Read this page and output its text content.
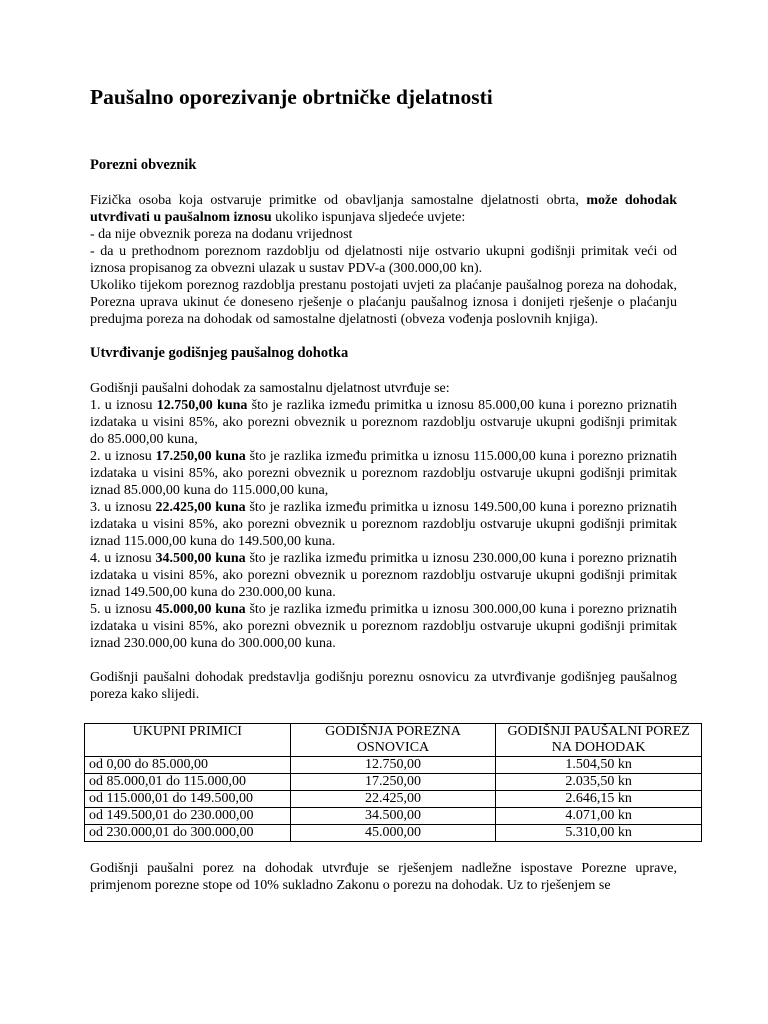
Paušalno oporezivanje obrtničke djelatnosti
Porezni obveznik

Fizička osoba koja ostvaruje primitke od obavljanja samostalne djelatnosti obrta, može dohodak utvrđivati u paušalnom iznosu ukoliko ispunjava sljedeće uvjete:

- da nije obveznik poreza na dodanu vrijednost

- da u prethodnom poreznom razdoblju od djelatnosti nije ostvario ukupni godišnji primitak veći od iznosa propisanog za obvezni ulazak u sustav PDV-a (300.000,00 kn).

Ukoliko tijekom poreznog razdoblja prestanu postojati uvjeti za plaćanje paušalnog poreza na dohodak, Porezna uprava ukinut će doneseno rješenje o plaćanju paušalnog iznosa i donijeti rješenje o plaćanju predujma poreza na dohodak od samostalne djelatnosti (obveza vođenja poslovnih knjiga).

Utvrđivanje godišnjeg paušalnog dohotka

Godišnji paušalni dohodak za samostalnu djelatnost utvrđuje se:

1. u iznosu 12.750,00 kuna što je razlika između primitka u iznosu 85.000,00 kuna i porezno priznatih izdataka u visini 85%, ako porezni obveznik u poreznom razdoblju ostvaruje ukupni godišnji primitak do 85.000,00 kuna,

2. u iznosu 17.250,00 kuna što je razlika između primitka u iznosu 115.000,00 kuna i porezno priznatih izdataka u visini 85%, ako porezni obveznik u poreznom razdoblju ostvaruje ukupni godišnji primitak iznad 85.000,00 kuna do 115.000,00 kuna,

3. u iznosu 22.425,00 kuna što je razlika između primitka u iznosu 149.500,00 kuna i porezno priznatih izdataka u visini 85%, ako porezni obveznik u poreznom razdoblju ostvaruje ukupni godišnji primitak iznad 115.000,00 kuna do 149.500,00 kuna.

4. u iznosu 34.500,00 kuna što je razlika između primitka u iznosu 230.000,00 kuna i porezno priznatih izdataka u visini 85%, ako porezni obveznik u poreznom razdoblju ostvaruje ukupni godišnji primitak iznad 149.500,00 kuna do 230.000,00 kuna.

5. u iznosu 45.000,00 kuna što je razlika između primitka u iznosu 300.000,00 kuna i porezno priznatih izdataka u visini 85%, ako porezni obveznik u poreznom razdoblju ostvaruje ukupni godišnji primitak iznad 230.000,00 kuna do 300.000,00 kuna.

Godišnji paušalni dohodak predstavlja godišnju poreznu osnovicu za utvrđivanje godišnjeg paušalnog poreza kako slijedi.

UKUPNI PRIMICI	GODIŠNJA POREZNA OSNOVICA	GODIŠNJI PAUŠALNI POREZ NA DOHODAK
od 0,00 do 85.000,00	12.750,00	1.504,50 kn
od 85.000,01 do 115.000,00	17.250,00	2.035,50 kn
od 115.000,01 do 149.500,00	22.425,00	2.646,15 kn
od 149.500,01 do 230.000,00	34.500,00	4.071,00 kn
od 230.000,01 do 300.000,00	45.000,00	5.310,00 kn

Godišnji paušalni porez na dohodak utvrđuje se rješenjem nadležne ispostave Porezne uprave, primjenom porezne stope od 10% sukladno Zakonu o porezu na dohodak. Uz to rješenjem se
